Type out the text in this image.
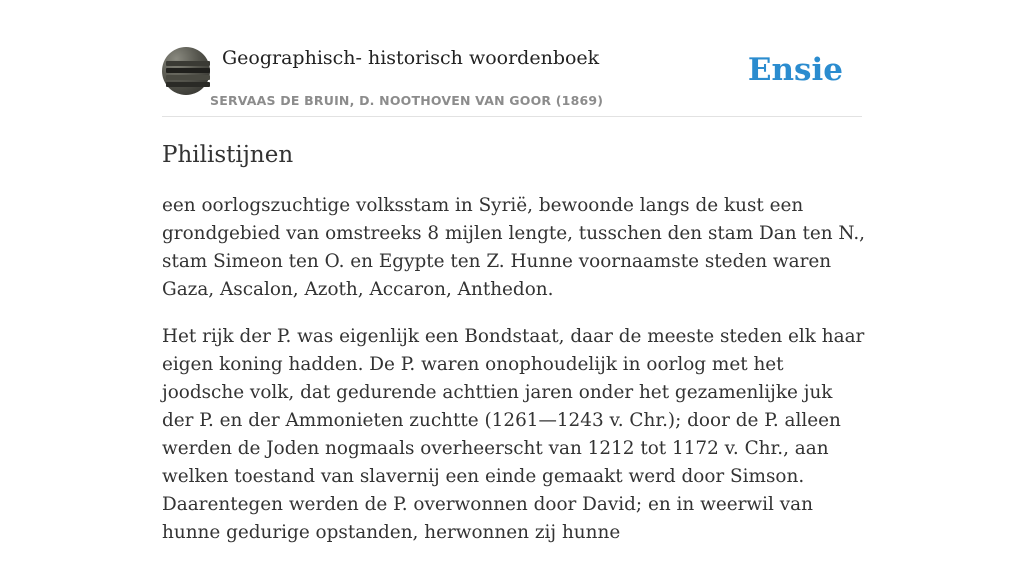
Geographisch- historisch woordenboek
SERVAAS DE BRUIN, D. NOOTHOVEN VAN GOOR (1869)
Ensie
Philistijnen

een oorlogszuchtige volksstam in Syrië, bewoonde langs de kust een grondgebied van omstreeks 8 mijlen lengte, tusschen den stam Dan ten N., stam Simeon ten O. en Egypte ten Z. Hunne voornaamste steden waren Gaza, Ascalon, Azoth, Accaron, Anthedon.

Het rijk der P. was eigenlijk een Bondstaat, daar de meeste steden elk haar eigen koning hadden. De P. waren onophoudelijk in oorlog met het joodsche volk, dat gedurende achttien jaren onder het gezamenlijke juk der P. en der Ammonieten zuchtte (1261—1243 v. Chr.); door de P. alleen werden de Joden nogmaals overheerscht van 1212 tot 1172 v. Chr., aan welken toestand van slavernij een einde gemaakt werd door Simson. Daarentegen werden de P. overwonnen door David; en in weerwil van hunne gedurige opstanden, herwonnen zij hunne
